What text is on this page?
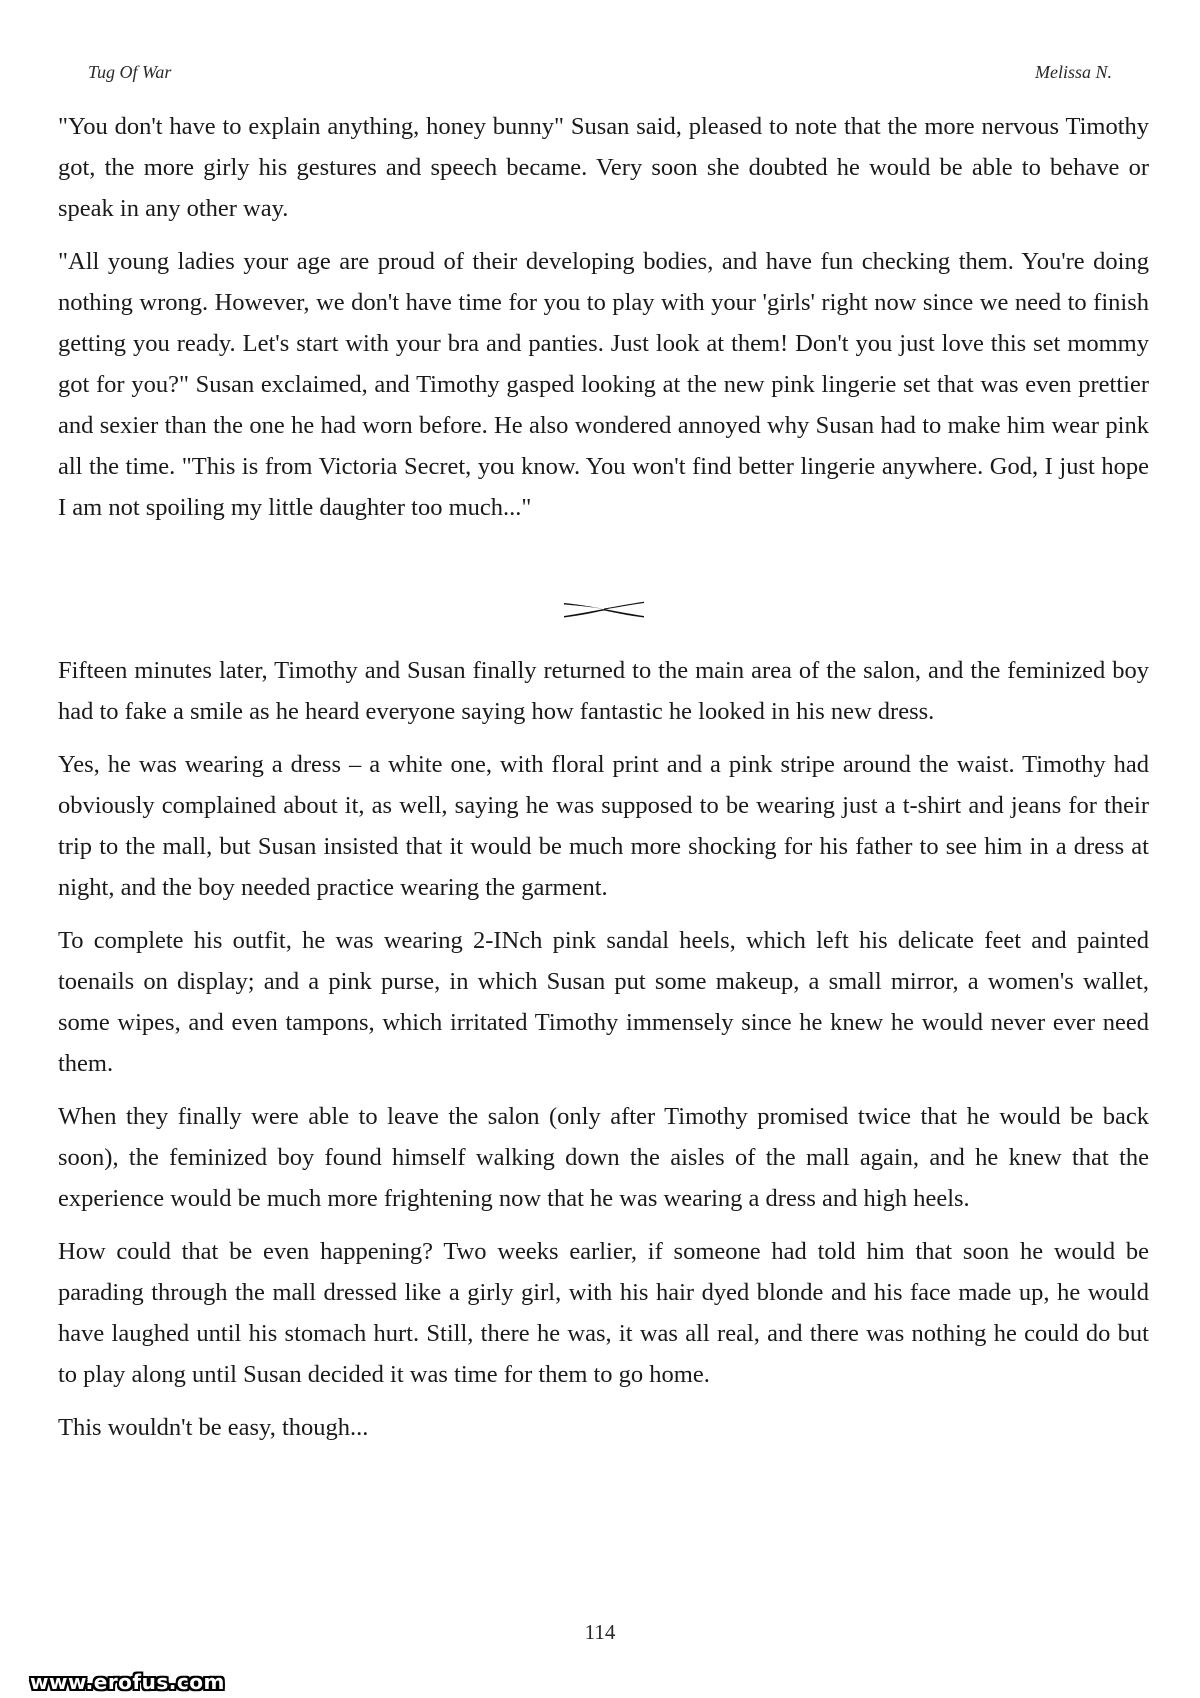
Tug Of War	Melissa N.

"You don't have to explain anything, honey bunny" Susan said, pleased to note that the more nervous Timothy got, the more girly his gestures and speech became. Very soon she doubted he would be able to behave or speak in any other way.

"All young ladies your age are proud of their developing bodies, and have fun checking them. You're doing nothing wrong. However, we don't have time for you to play with your 'girls' right now since we need to finish getting you ready. Let's start with your bra and panties. Just look at them! Don't you just love this set mommy got for you?" Susan exclaimed, and Timothy gasped looking at the new pink lingerie set that was even prettier and sexier than the one he had worn before. He also wondered annoyed why Susan had to make him wear pink all the time. "This is from Victoria Secret, you know. You won't find better lingerie anywhere. God, I just hope I am not spoiling my little daughter too much..."

Fifteen minutes later, Timothy and Susan finally returned to the main area of the salon, and the feminized boy had to fake a smile as he heard everyone saying how fantastic he looked in his new dress.

Yes, he was wearing a dress – a white one, with floral print and a pink stripe around the waist. Timothy had obviously complained about it, as well, saying he was supposed to be wearing just a t-shirt and jeans for their trip to the mall, but Susan insisted that it would be much more shocking for his father to see him in a dress at night, and the boy needed practice wearing the garment.

To complete his outfit, he was wearing 2-INch pink sandal heels, which left his delicate feet and painted toenails on display; and a pink purse, in which Susan put some makeup, a small mirror, a women's wallet, some wipes, and even tampons, which irritated Timothy immensely since he knew he would never ever need them.

When they finally were able to leave the salon (only after Timothy promised twice that he would be back soon), the feminized boy found himself walking down the aisles of the mall again, and he knew that the experience would be much more frightening now that he was wearing a dress and high heels.

How could that be even happening? Two weeks earlier, if someone had told him that soon he would be parading through the mall dressed like a girly girl, with his hair dyed blonde and his face made up, he would have laughed until his stomach hurt. Still, there he was, it was all real, and there was nothing he could do but to play along until Susan decided it was time for them to go home.

This wouldn't be easy, though...

114
www.erofus.com
